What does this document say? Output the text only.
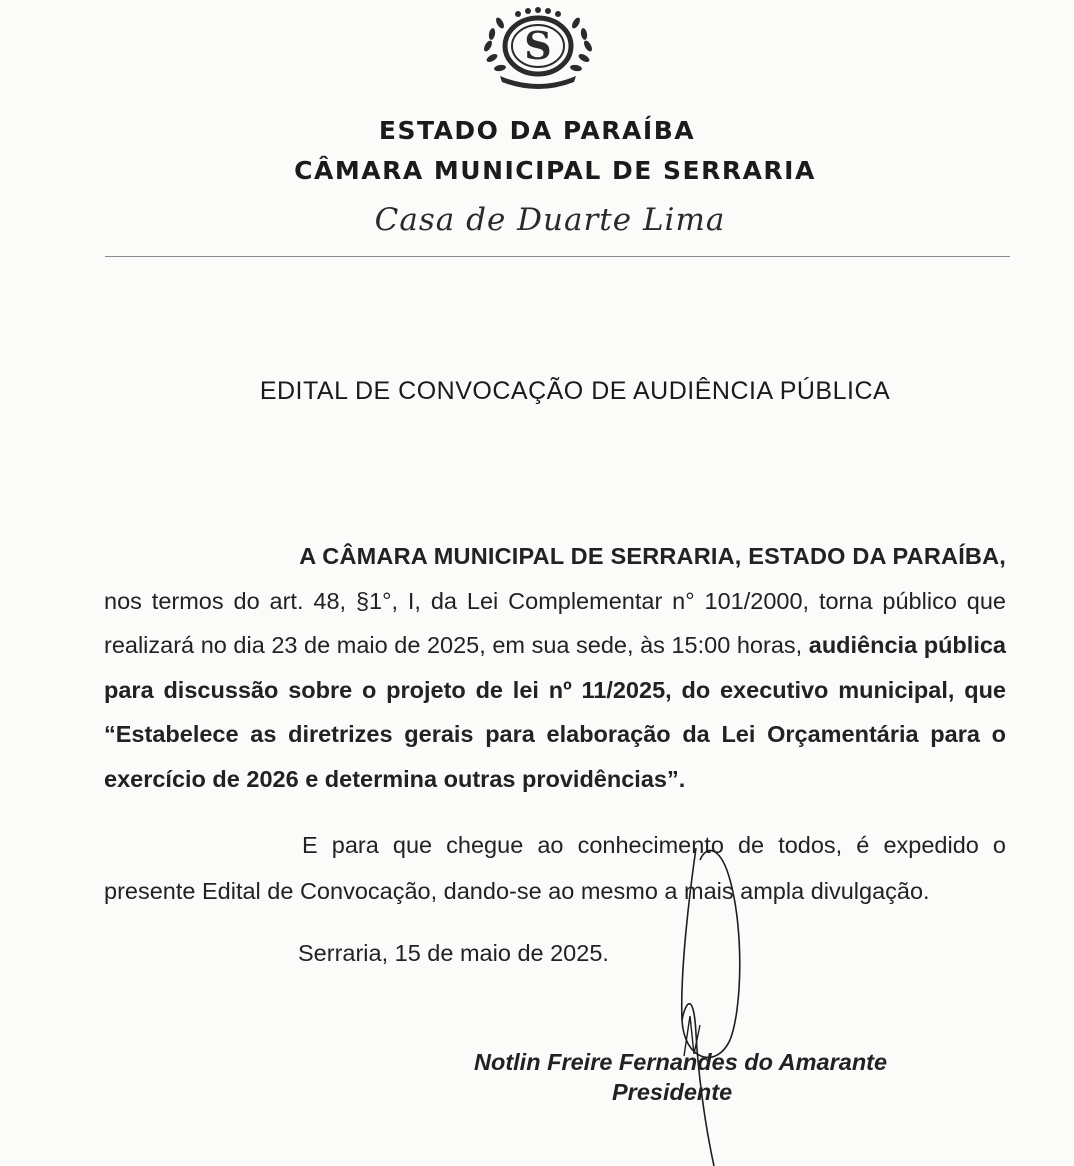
S
ESTADO DA PARAÍBA
CÂMARA MUNICIPAL DE SERRARIA
Casa de Duarte Lima
EDITAL DE CONVOCAÇÃO DE AUDIÊNCIA PÚBLICA
A CÂMARA MUNICIPAL DE SERRARIA, ESTADO DA PARAÍBA,
nos termos do art. 48, §1°, I, da Lei Complementar n° 101/2000, torna público que realizará no dia 23 de maio de 2025, em sua sede, às 15:00 horas, audiência pública para discussão sobre o projeto de lei nº 11/2025, do executivo municipal, que “Estabelece as diretrizes gerais para elaboração da Lei Orçamentária para o exercício de 2026 e determina outras providências”.
E para que chegue ao conhecimento de todos, é expedido o presente Edital de Convocação, dando-se ao mesmo a mais ampla divulgação.
Serraria, 15 de maio de 2025.
Notlin Freire Fernandes do Amarante
Presidente
